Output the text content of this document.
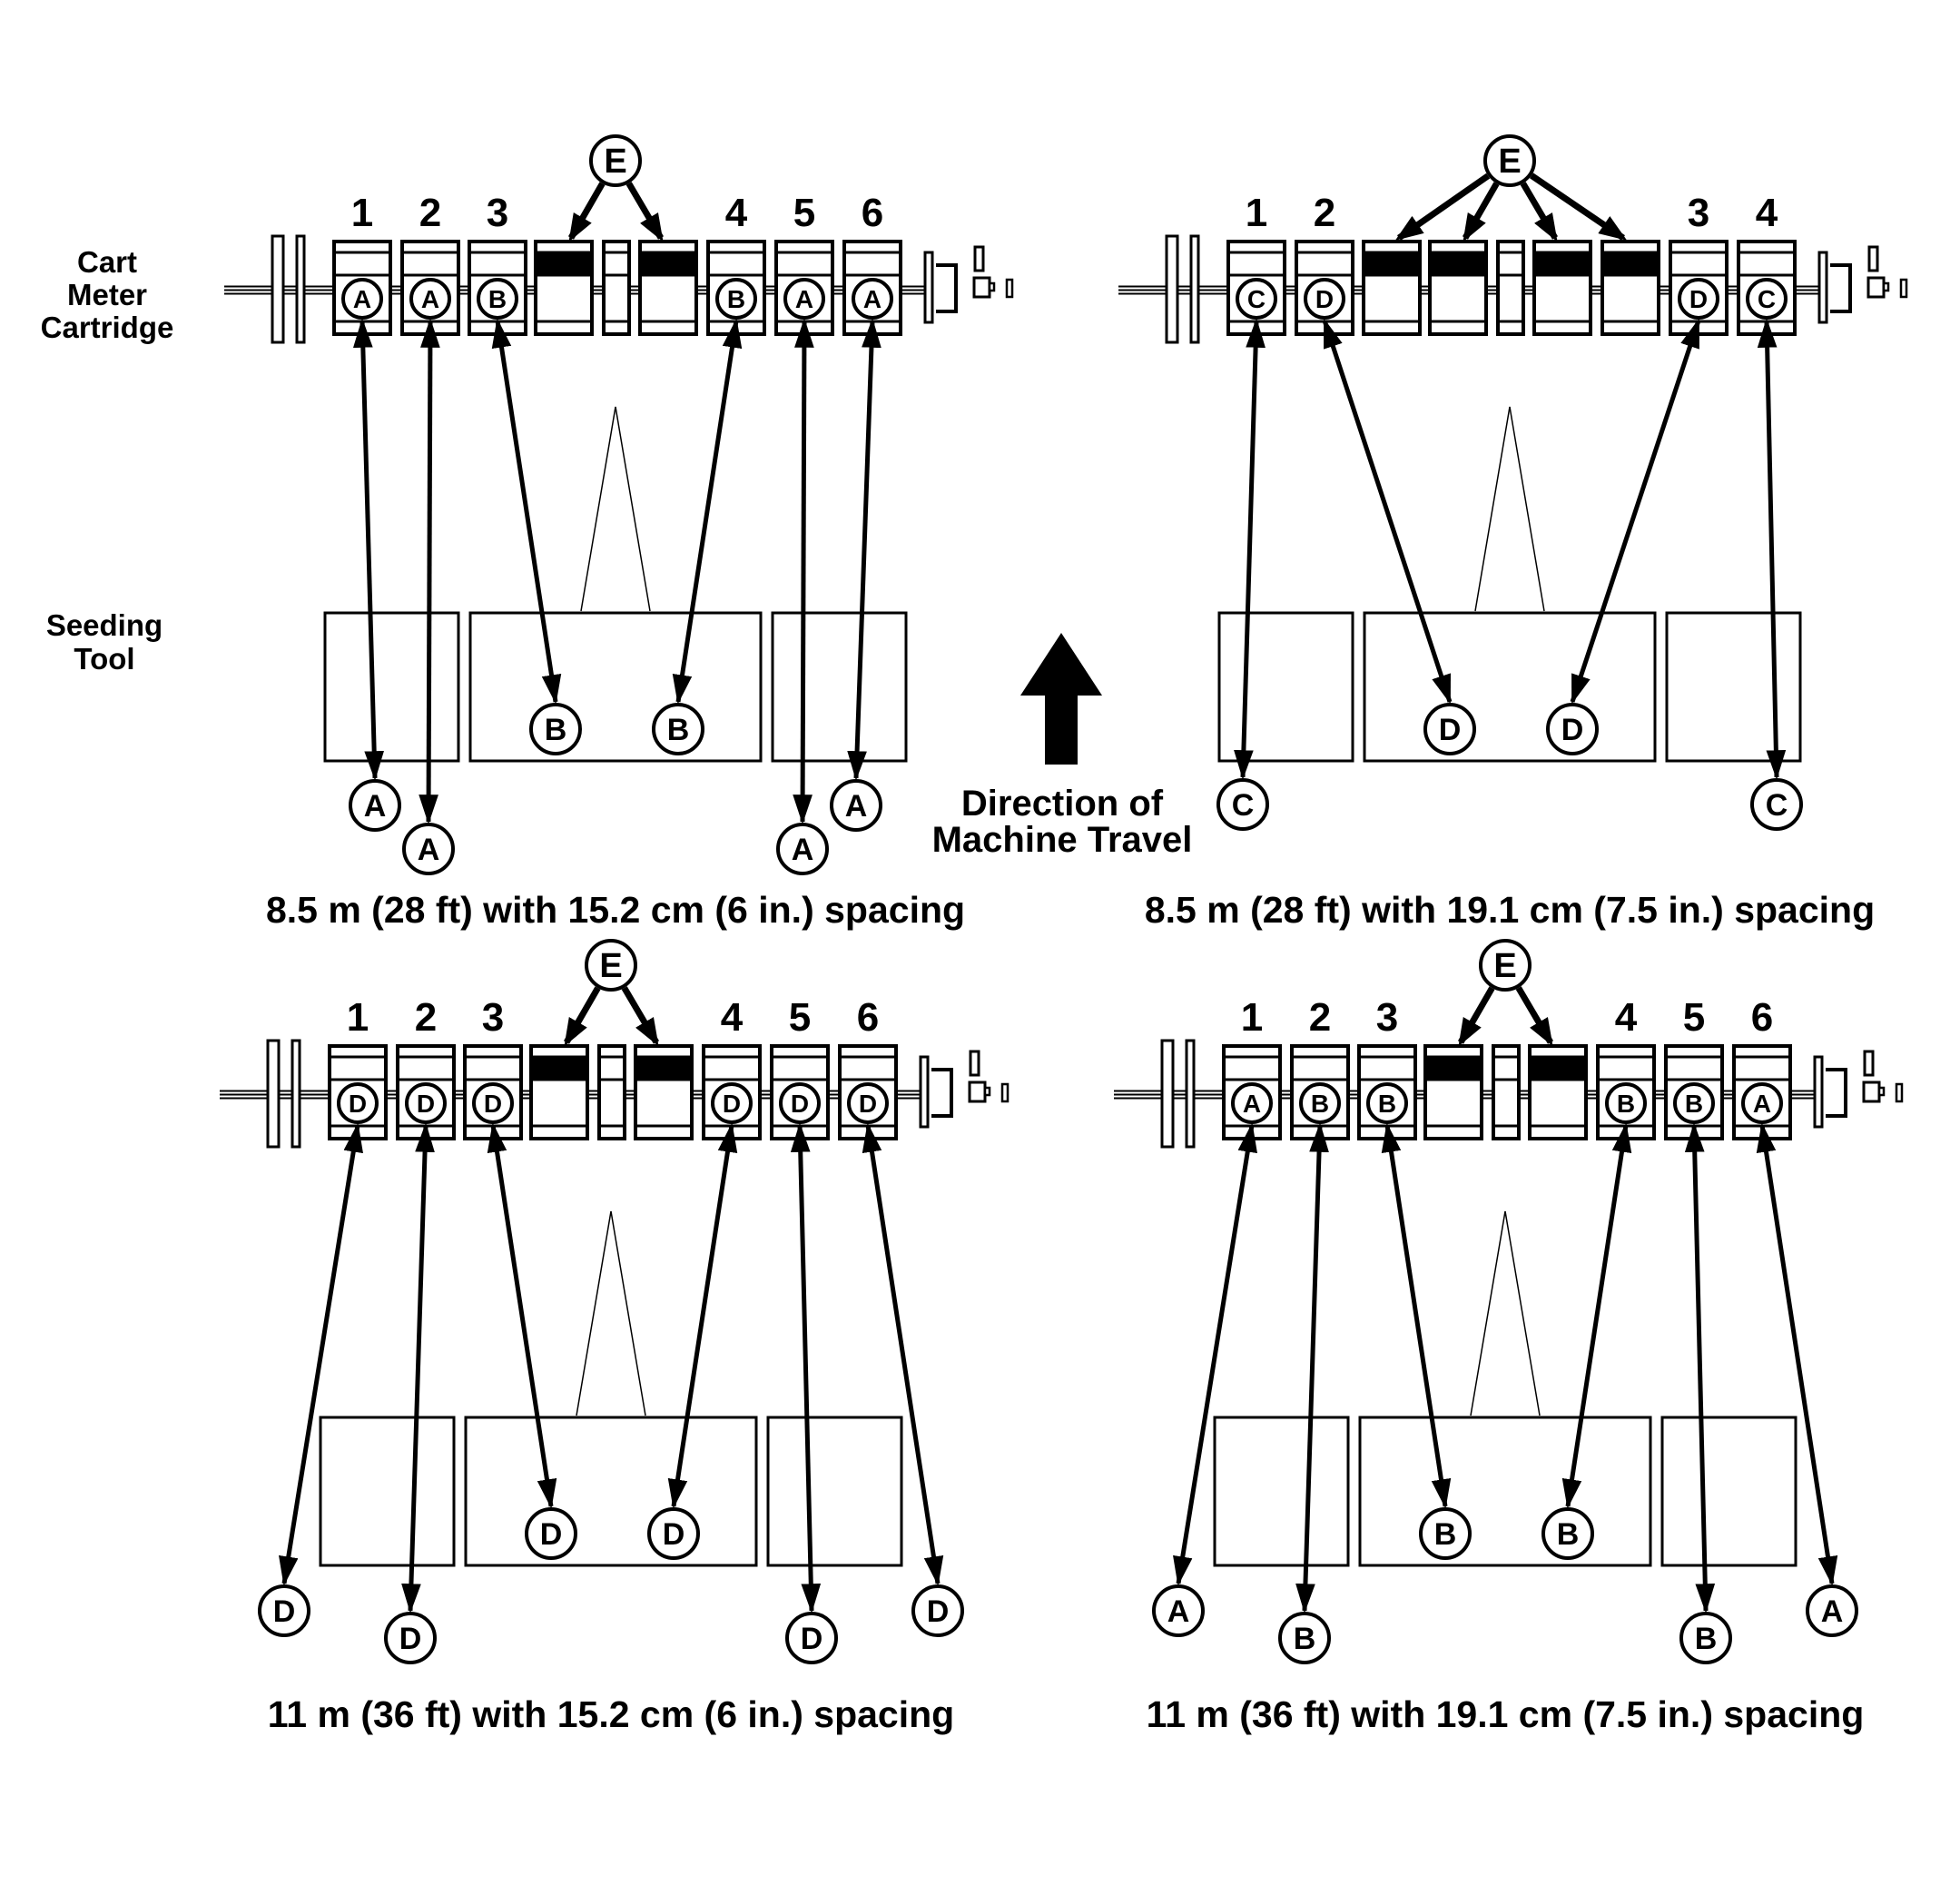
1
A
2
A
3
B
4
B
5
A
6
A
E
A
A
B	B
A
A
8.5 m (28 ft) with 15.2 cm (6 in.) spacing
1
C
2
D
3
D
4
C
E
C
D	D
C
8.5 m (28 ft) with 19.1 cm (7.5 in.) spacing
1
D
2
D
3
D
4
D
5
D
6
D
E
D
D
D	D
D
D
11 m (36 ft) with 15.2 cm (6 in.) spacing
1
A
2
B
3
B
4
B
5
B
6
A
E
A
B
B	B
B
A
11 m (36 ft) with 19.1 cm (7.5 in.) spacing
Cart
Meter
Cartridge
Seeding
Tool
Direction of
Machine Travel
